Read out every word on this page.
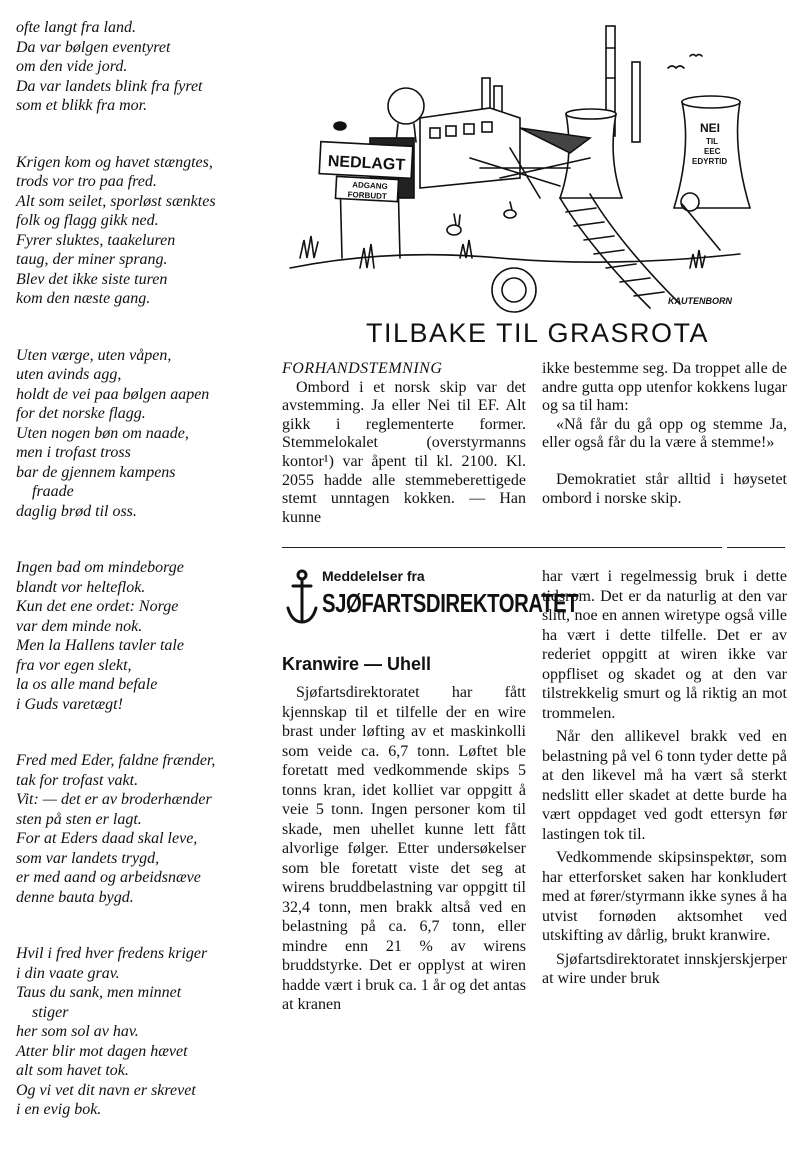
ofte langt fra land.
Da var bølgen eventyret
om den vide jord.
Da var landets blink fra fyret
som et blikk fra mor.
Krigen kom og havet stængtes,
trods vor tro paa fred.
Alt som seilet, sporløst sænktes
folk og flagg gikk ned.
Fyrer sluktes, taakeluren
taug, der miner sprang.
Blev det ikke siste turen
kom den næste gang.
Uten værge, uten våpen,
uten avinds agg,
holdt de vei paa bølgen aapen
for det norske flagg.
Uten nogen bøn om naade,
men i trofast tross
bar de gjennem kampens
fraade
daglig brød til oss.
Ingen bad om mindeborge
blandt vor helteflok.
Kun det ene ordet: Norge
var dem minde nok.
Men la Hallens tavler tale
fra vor egen slekt,
la os alle mand befale
i Guds varetægt!
Fred med Eder, faldne frænder,
tak for trofast vakt.
Vit: — det er av broderhænder
sten på sten er lagt.
For at Eders daad skal leve,
som var landets trygd,
er med aand og arbeidsnæve
denne bauta bygd.
Hvil i fred hver fredens kriger
i din vaate grav.
Taus du sank, men minnet
stiger
her som sol av hav.
Atter blir mot dagen hævet
alt som havet tok.
Og vi vet dit navn er skrevet
i en evig bok.
NEDLAGT
ADGANG
FORBUDT
NEI
TIL
EEC
EDYRTID
KAUTENBORN
TILBAKE TIL GRASROTA

FORHANDSTEMNING

Ombord i et norsk skip var det avstemming. Ja eller Nei til EF. Alt gikk i reglementerte former. Stemmelokalet (overstyrmanns kontor¹) var åpent til kl. 2100. Kl. 2055 hadde alle stemmeberettigede stemt unntagen kokken. — Han kunne

ikke bestemme seg. Da troppet alle de andre gutta opp utenfor kokkens lugar og sa til ham:

«Nå får du gå opp og stemme Ja, eller også får du la være å stemme!»

Demokratiet står alltid i høysetet ombord i norske skip.

Meddelelser fra
SJØFARTSDIREKTORATET
Kranwire — Uhell

Sjøfartsdirektoratet har fått kjennskap til et tilfelle der en wire brast under løfting av et maskinkolli som veide ca. 6,7 tonn. Løftet ble foretatt med vedkommende skips 5 tonns kran, idet kolliet var oppgitt å veie 5 tonn. Ingen personer kom til skade, men uhellet kunne lett fått alvorlige følger. Etter undersøkelser som ble foretatt viste det seg at wirens bruddbelastning var oppgitt til 32,4 tonn, men brakk altså ved en belastning på ca. 6,7 tonn, eller mindre enn 21 % av wirens bruddstyrke. Det er opplyst at wiren hadde vært i bruk ca. 1 år og det antas at kranen

har vært i regelmessig bruk i dette tidsrom. Det er da naturlig at den var slitt, noe en annen wiretype også ville ha vært i dette tilfelle. Det er av rederiet oppgitt at wiren ikke var oppfliset og skadet og at den var tilstrekkelig smurt og lå riktig an mot trommelen.

Når den allikevel brakk ved en belastning på vel 6 tonn tyder dette på at den likevel må ha vært så sterkt nedslitt eller skadet at dette burde ha vært oppdaget ved godt ettersyn før lastingen tok til.

Vedkommende skipsinspektør, som har etterforsket saken har konkludert med at fører/styrmann ikke synes å ha utvist fornøden aktsomhet ved utskifting av dårlig, brukt kranwire.

Sjøfartsdirektoratet innskjerskjerper at wire under bruk
